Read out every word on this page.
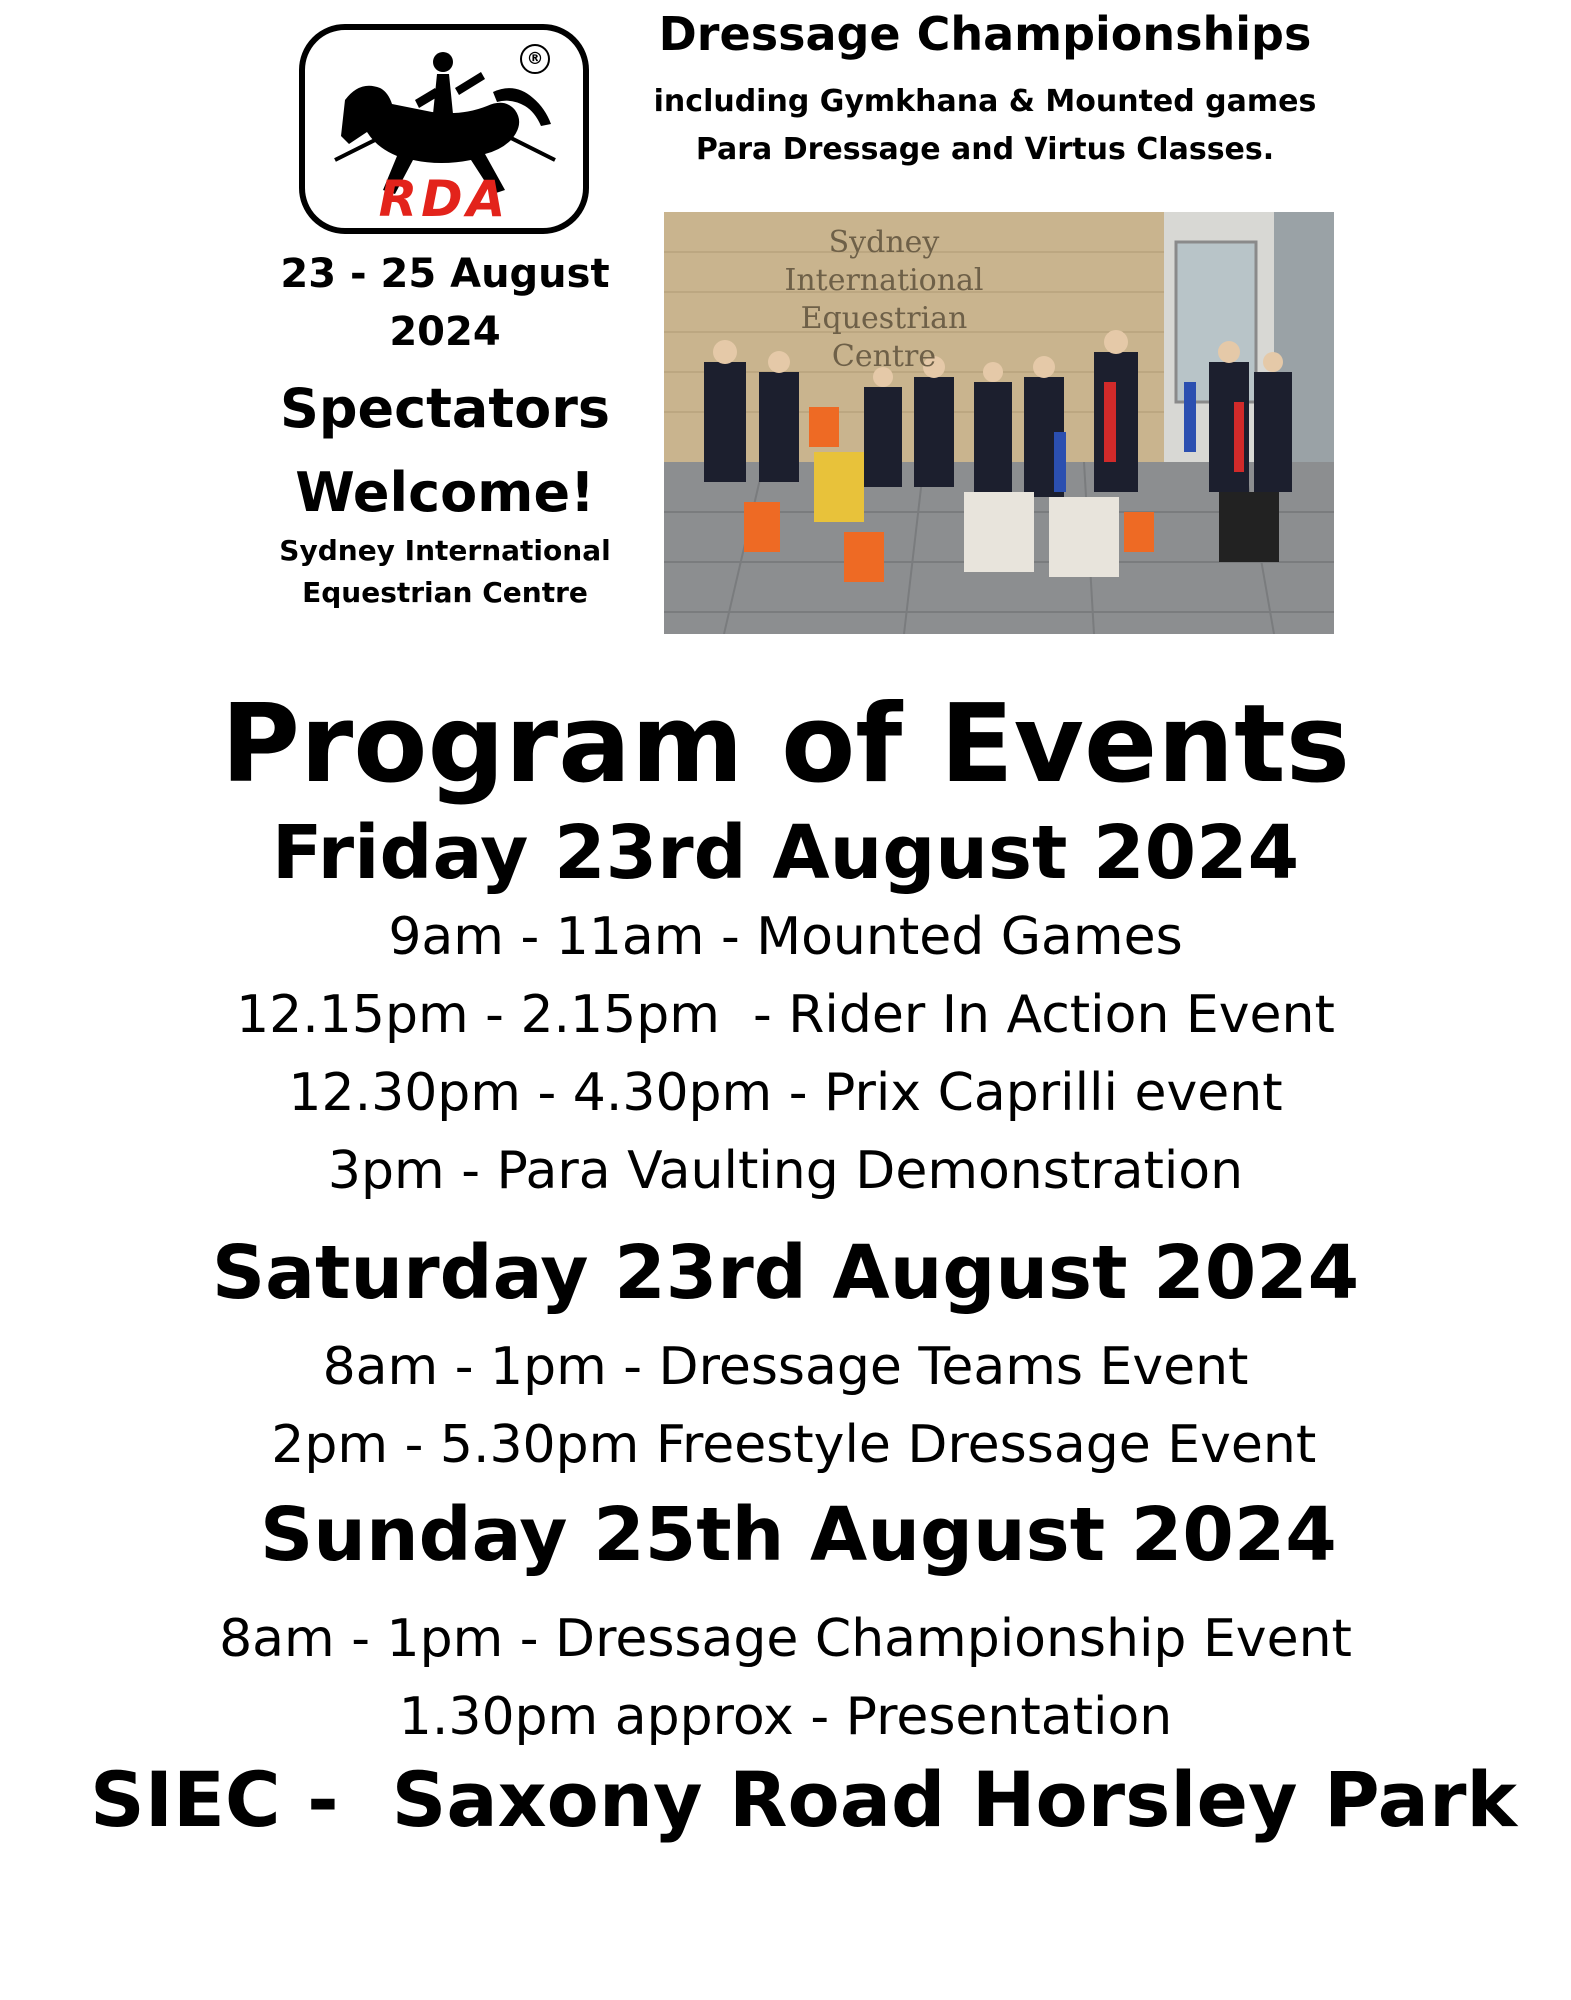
RDA
®
23 - 25 August
2024
Spectators
Welcome!
Sydney International
Equestrian Centre
Dressage Championships
including Gymkhana & Mounted games
Para Dressage and Virtus Classes.
Sydney
International
Equestrian
Centre
Program of Events
Friday 23rd August 2024
9am - 11am - Mounted Games
12.15pm - 2.15pm  - Rider In Action Event
12.30pm - 4.30pm - Prix Caprilli event
3pm - Para Vaulting Demonstration
Saturday 23rd August 2024
8am - 1pm - Dressage Teams Event
2pm - 5.30pm Freestyle Dressage Event
Sunday 25th August 2024
8am - 1pm - Dressage Championship Event
1.30pm approx - Presentation
SIEC -  Saxony Road Horsley Park
